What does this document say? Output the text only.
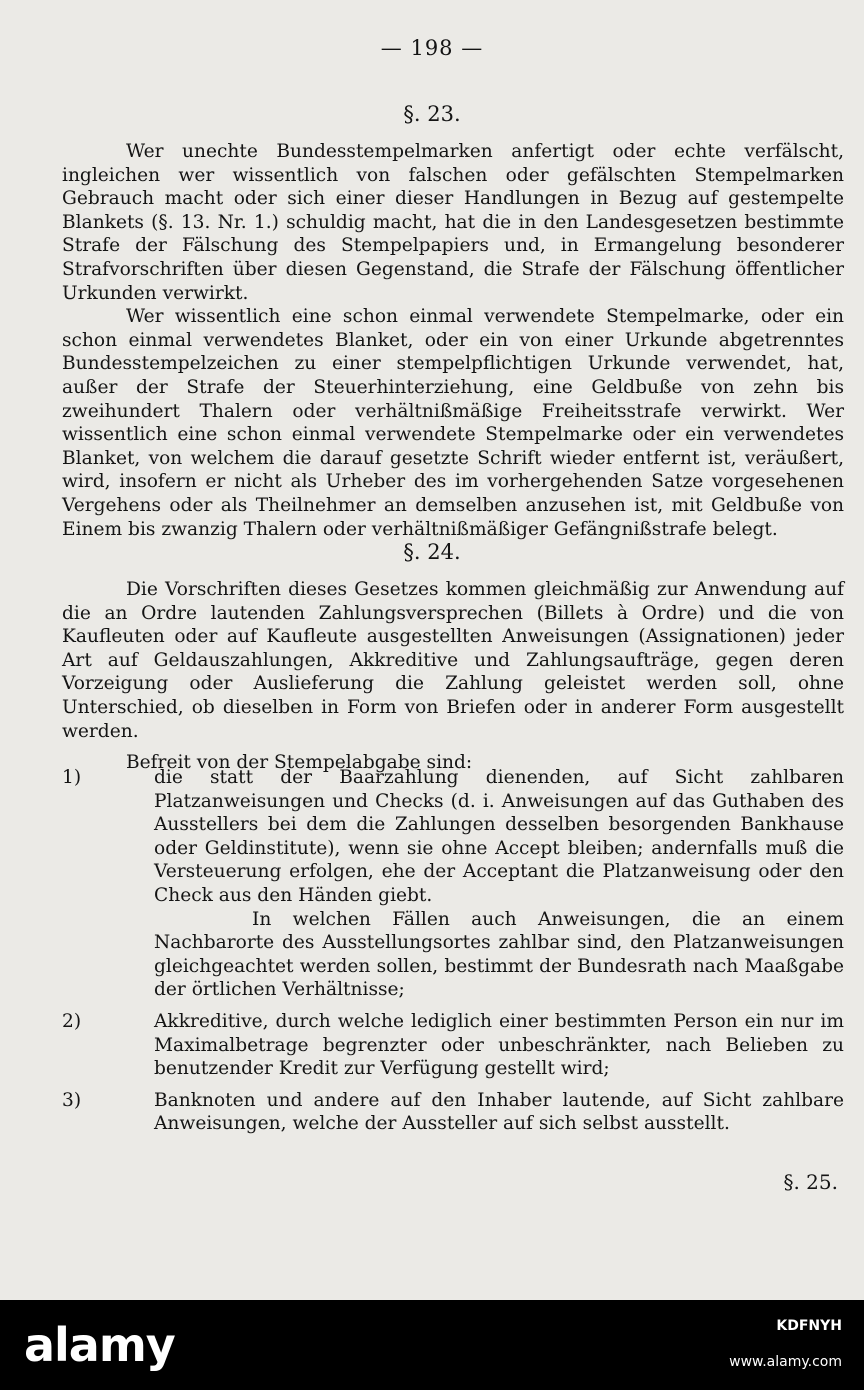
— 198 —
§. 23.

Wer unechte Bundesstempelmarken anfertigt oder echte verfälscht, ingleichen wer wissentlich von falschen oder gefälschten Stempelmarken Gebrauch macht oder sich einer dieser Handlungen in Bezug auf gestempelte Blankets (§. 13. Nr. 1.) schuldig macht, hat die in den Landesgesetzen bestimmte Strafe der Fälschung des Stempelpapiers und, in Ermangelung besonderer Strafvorschriften über diesen Gegenstand, die Strafe der Fälschung öffentlicher Urkunden verwirkt.

Wer wissentlich eine schon einmal verwendete Stempelmarke, oder ein schon einmal verwendetes Blanket, oder ein von einer Urkunde abgetrenntes Bundesstempelzeichen zu einer stempelpflichtigen Urkunde verwendet, hat, außer der Strafe der Steuerhinterziehung, eine Geldbuße von zehn bis zweihundert Thalern oder verhältnißmäßige Freiheitsstrafe verwirkt. Wer wissentlich eine schon einmal verwendete Stempelmarke oder ein verwendetes Blanket, von welchem die darauf gesetzte Schrift wieder entfernt ist, veräußert, wird, insofern er nicht als Urheber des im vorhergehenden Satze vorgesehenen Vergehens oder als Theilnehmer an demselben anzusehen ist, mit Geldbuße von Einem bis zwanzig Thalern oder verhältnißmäßiger Gefängnißstrafe belegt.

§. 24.

Die Vorschriften dieses Gesetzes kommen gleichmäßig zur Anwendung auf die an Ordre lautenden Zahlungsversprechen (Billets à Ordre) und die von Kaufleuten oder auf Kaufleute ausgestellten Anweisungen (Assignationen) jeder Art auf Geldauszahlungen, Akkreditive und Zahlungsaufträge, gegen deren Vorzeigung oder Auslieferung die Zahlung geleistet werden soll, ohne Unterschied, ob dieselben in Form von Briefen oder in anderer Form ausgestellt werden.

Befreit von der Stempelabgabe sind:

1)	die statt der Baarzahlung dienenden, auf Sicht zahlbaren Platzanweisungen und Checks (d. i. Anweisungen auf das Guthaben des Ausstellers bei dem die Zahlungen desselben besorgenden Bankhause oder Geldinstitute), wenn sie ohne Accept bleiben; andernfalls muß die Versteuerung erfolgen, ehe der Acceptant die Platzanweisung oder den Check aus den Händen giebt.
In welchen Fällen auch Anweisungen, die an einem Nachbarorte des Ausstellungsortes zahlbar sind, den Platzanweisungen gleichgeachtet werden sollen, bestimmt der Bundesrath nach Maaßgabe der örtlichen Verhältnisse;
2)	Akkreditive, durch welche lediglich einer bestimmten Person ein nur im Maximalbetrage begrenzter oder unbeschränkter, nach Belieben zu benutzender Kredit zur Verfügung gestellt wird;
3)	Banknoten und andere auf den Inhaber lautende, auf Sicht zahlbare Anweisungen, welche der Aussteller auf sich selbst ausstellt.
§. 25.
alamy	KDFNYH
www.alamy.com
